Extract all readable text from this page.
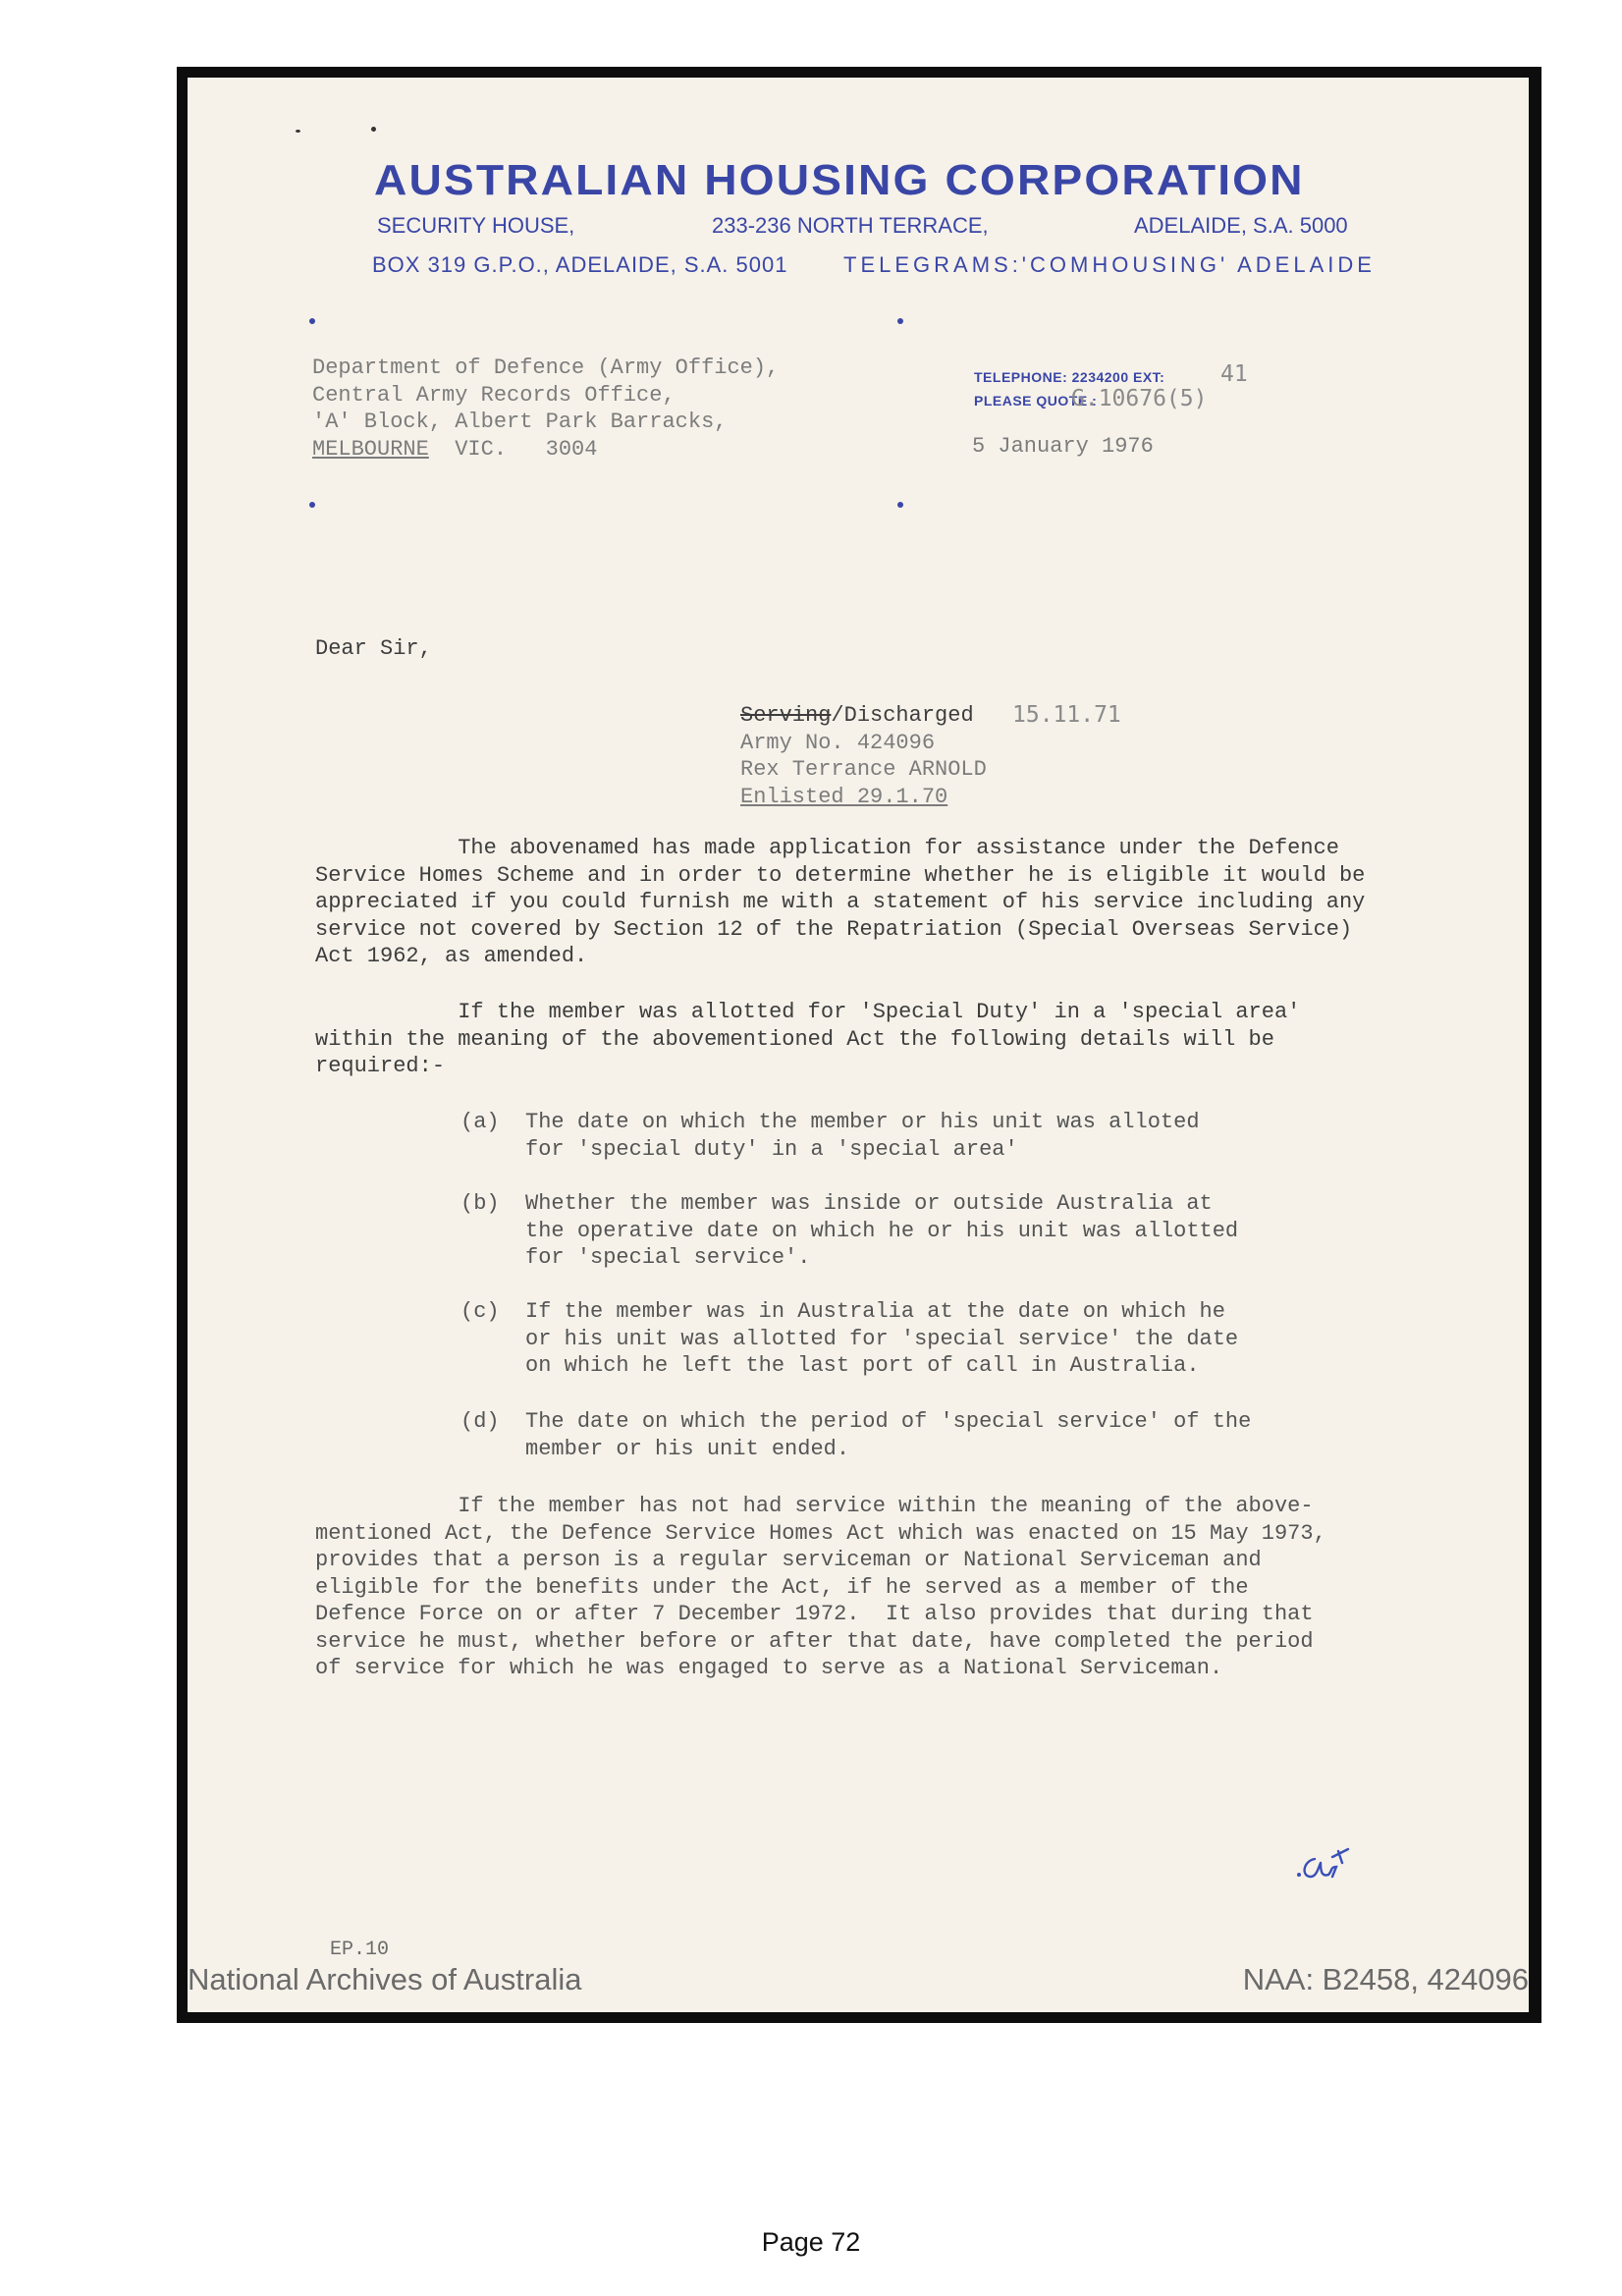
AUSTRALIAN HOUSING CORPORATION
SECURITY HOUSE,	233-236 NORTH TERRACE,	ADELAIDE, S.A. 5000
BOX 319 G.P.O., ADELAIDE, S.A. 5001	TELEGRAMS:'COMHOUSING' ADELAIDE
Department of Defence (Army Office),
Central Army Records Office,
'A' Block, Albert Park Barracks,
MELBOURNE  VIC.   3004
TELEPHONE: 2234200 EXT: 41
PLEASE QUOTE :
G.10676(5)
5 January 1976
Dear Sir,
Serving/Discharged
Army No. 424096
Rex Terrance ARNOLD
Enlisted 29.1.70
15.11.71
The abovenamed has made application for assistance under the Defence
Service Homes Scheme and in order to determine whether he is eligible it would be
appreciated if you could furnish me with a statement of his service including any
service not covered by Section 12 of the Repatriation (Special Overseas Service)
Act 1962, as amended.
If the member was allotted for 'Special Duty' in a 'special area'
within the meaning of the abovementioned Act the following details will be
required:-
(a)  The date on which the member or his unit was alloted
for 'special duty' in a 'special area'
(b)  Whether the member was inside or outside Australia at
the operative date on which he or his unit was allotted
for 'special service'.
(c)  If the member was in Australia at the date on which he
or his unit was allotted for 'special service' the date
on which he left the last port of call in Australia.
(d)  The date on which the period of 'special service' of the
member or his unit ended.
If the member has not had service within the meaning of the above-
mentioned Act, the Defence Service Homes Act which was enacted on 15 May 1973,
provides that a person is a regular serviceman or National Serviceman and
eligible for the benefits under the Act, if he served as a member of the
Defence Force on or after 7 December 1972.  It also provides that during that
service he must, whether before or after that date, have completed the period
of service for which he was engaged to serve as a National Serviceman.
EP.10
National Archives of Australia	NAA: B2458, 424096
Page 72
